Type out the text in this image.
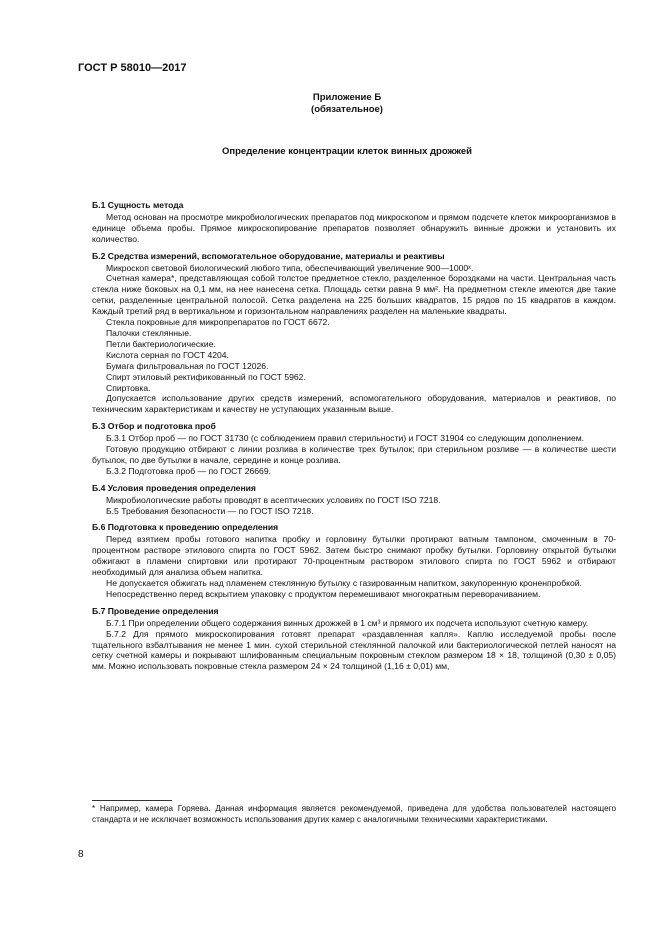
ГОСТ Р 58010—2017
Приложение Б
(обязательное)
Определение концентрации клеток винных дрожжей
Б.1 Сущность метода

Метод основан на просмотре микробиологических препаратов под микроскопом и прямом подсчете клеток микроорганизмов в единице объема пробы. Прямое микроскопирование препаратов позволяет обнаружить винные дрожжи и установить их количество.

Б.2 Средства измерений, вспомогательное оборудование, материалы и реактивы

Микроскоп световой биологический любого типа, обеспечивающий увеличение 900—1000ˣ.

Счетная камера*, представляющая собой толстое предметное стекло, разделенное бороздками на части. Центральная часть стекла ниже боковых на 0,1 мм, на нее нанесена сетка. Площадь сетки равна 9 мм². На предметном стекле имеются две такие сетки, разделенные центральной полосой. Сетка разделена на 225 больших квадратов, 15 рядов по 15 квадратов в каждом. Каждый третий ряд в вертикальном и горизонтальном направлениях разделен на маленькие квадраты.

Стекла покровные для микропрепаратов по ГОСТ 6672.

Палочки стеклянные.

Петли бактериологические.

Кислота серная по ГОСТ 4204.

Бумага фильтровальная по ГОСТ 12026.

Спирт этиловый ректификованный по ГОСТ 5962.

Спиртовка.

Допускается использование других средств измерений, вспомогательного оборудования, материалов и реактивов, по техническим характеристикам и качеству не уступающих указанным выше.

Б.3 Отбор и подготовка проб

Б.3.1 Отбор проб — по ГОСТ 31730 (с соблюдением правил стерильности) и ГОСТ 31904 со следующим дополнением.

Готовую продукцию отбирают с линии розлива в количестве трех бутылок; при стерильном розливе — в количестве шести бутылок, по две бутылки в начале, середине и конце розлива.

Б.3.2 Подготовка проб — по ГОСТ 26669.

Б.4 Условия проведения определения

Микробиологические работы проводят в асептических условиях по ГОСТ ISO 7218.

Б.5 Требования безопасности — по ГОСТ ISO 7218.

Б.6 Подготовка к проведению определения

Перед взятием пробы готового напитка пробку и горловину бутылки протирают ватным тампоном, смоченным в 70-процентном растворе этилового спирта по ГОСТ 5962. Затем быстро снимают пробку бутылки. Горловину открытой бутылки обжигают в пламени спиртовки или протирают 70-процентным раствором этилового спирта по ГОСТ 5962 и отбирают необходимый для анализа объем напитка.

Не допускается обжигать над пламенем стеклянную бутылку с газированным напитком, закупоренную кроненпробкой.

Непосредственно перед вскрытием упаковку с продуктом перемешивают многократным переворачиванием.

Б.7 Проведение определения

Б.7.1 При определении общего содержания винных дрожжей в 1 см³ и прямого их подсчета используют счетную камеру.

Б.7.2 Для прямого микроскопирования готовят препарат «раздавленная капля». Каплю исследуемой пробы после тщательного взбалтывания не менее 1 мин. сухой стерильной стеклянной палочкой или бактериологической петлей наносят на сетку счетной камеры и покрывают шлифованным специальным покровным стеклом размером 18 × 18, толщиной (0,30 ± 0,05) мм. Можно использовать покровные стекла размером 24 × 24 толщиной (1,16 ± 0,01) мм,

* Например, камера Горяева. Данная информация является рекомендуемой, приведена для удобства пользователей настоящего стандарта и не исключает возможность использования других камер с аналогичными техническими характеристиками.
8
